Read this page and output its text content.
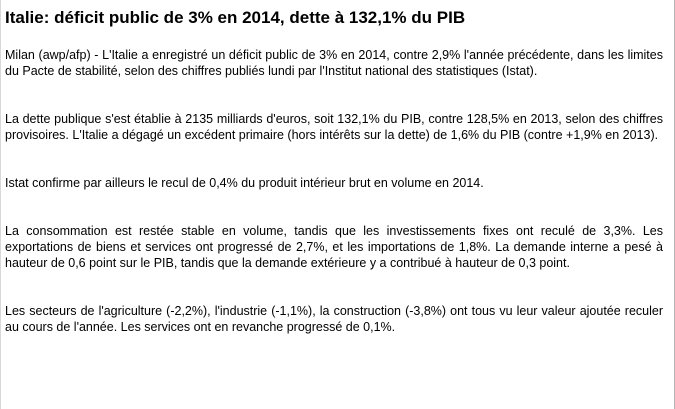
Italie: déficit public de 3% en 2014, dette à 132,1% du PIB

Milan (awp/afp) - L'Italie a enregistré un déficit public de 3% en 2014, contre 2,9% l'année précédente, dans les limites du Pacte de stabilité, selon des chiffres publiés lundi par l'Institut national des statistiques (Istat).

La dette publique s'est établie à 2135 milliards d'euros, soit 132,1% du PIB, contre 128,5% en 2013, selon des chiffres provisoires. L'Italie a dégagé un excédent primaire (hors intérêts sur la dette) de 1,6% du PIB (contre +1,9% en 2013).

Istat confirme par ailleurs le recul de 0,4% du produit intérieur brut en volume en 2014.

La consommation est restée stable en volume, tandis que les investissements fixes ont reculé de 3,3%. Les exportations de biens et services ont progressé de 2,7%, et les importations de 1,8%. La demande interne a pesé à hauteur de 0,6 point sur le PIB, tandis que la demande extérieure y a contribué à hauteur de 0,3 point.

Les secteurs de l'agriculture (-2,2%), l'industrie (-1,1%), la construction (-3,8%) ont tous vu leur valeur ajoutée reculer au cours de l'année. Les services ont en revanche progressé de 0,1%.
